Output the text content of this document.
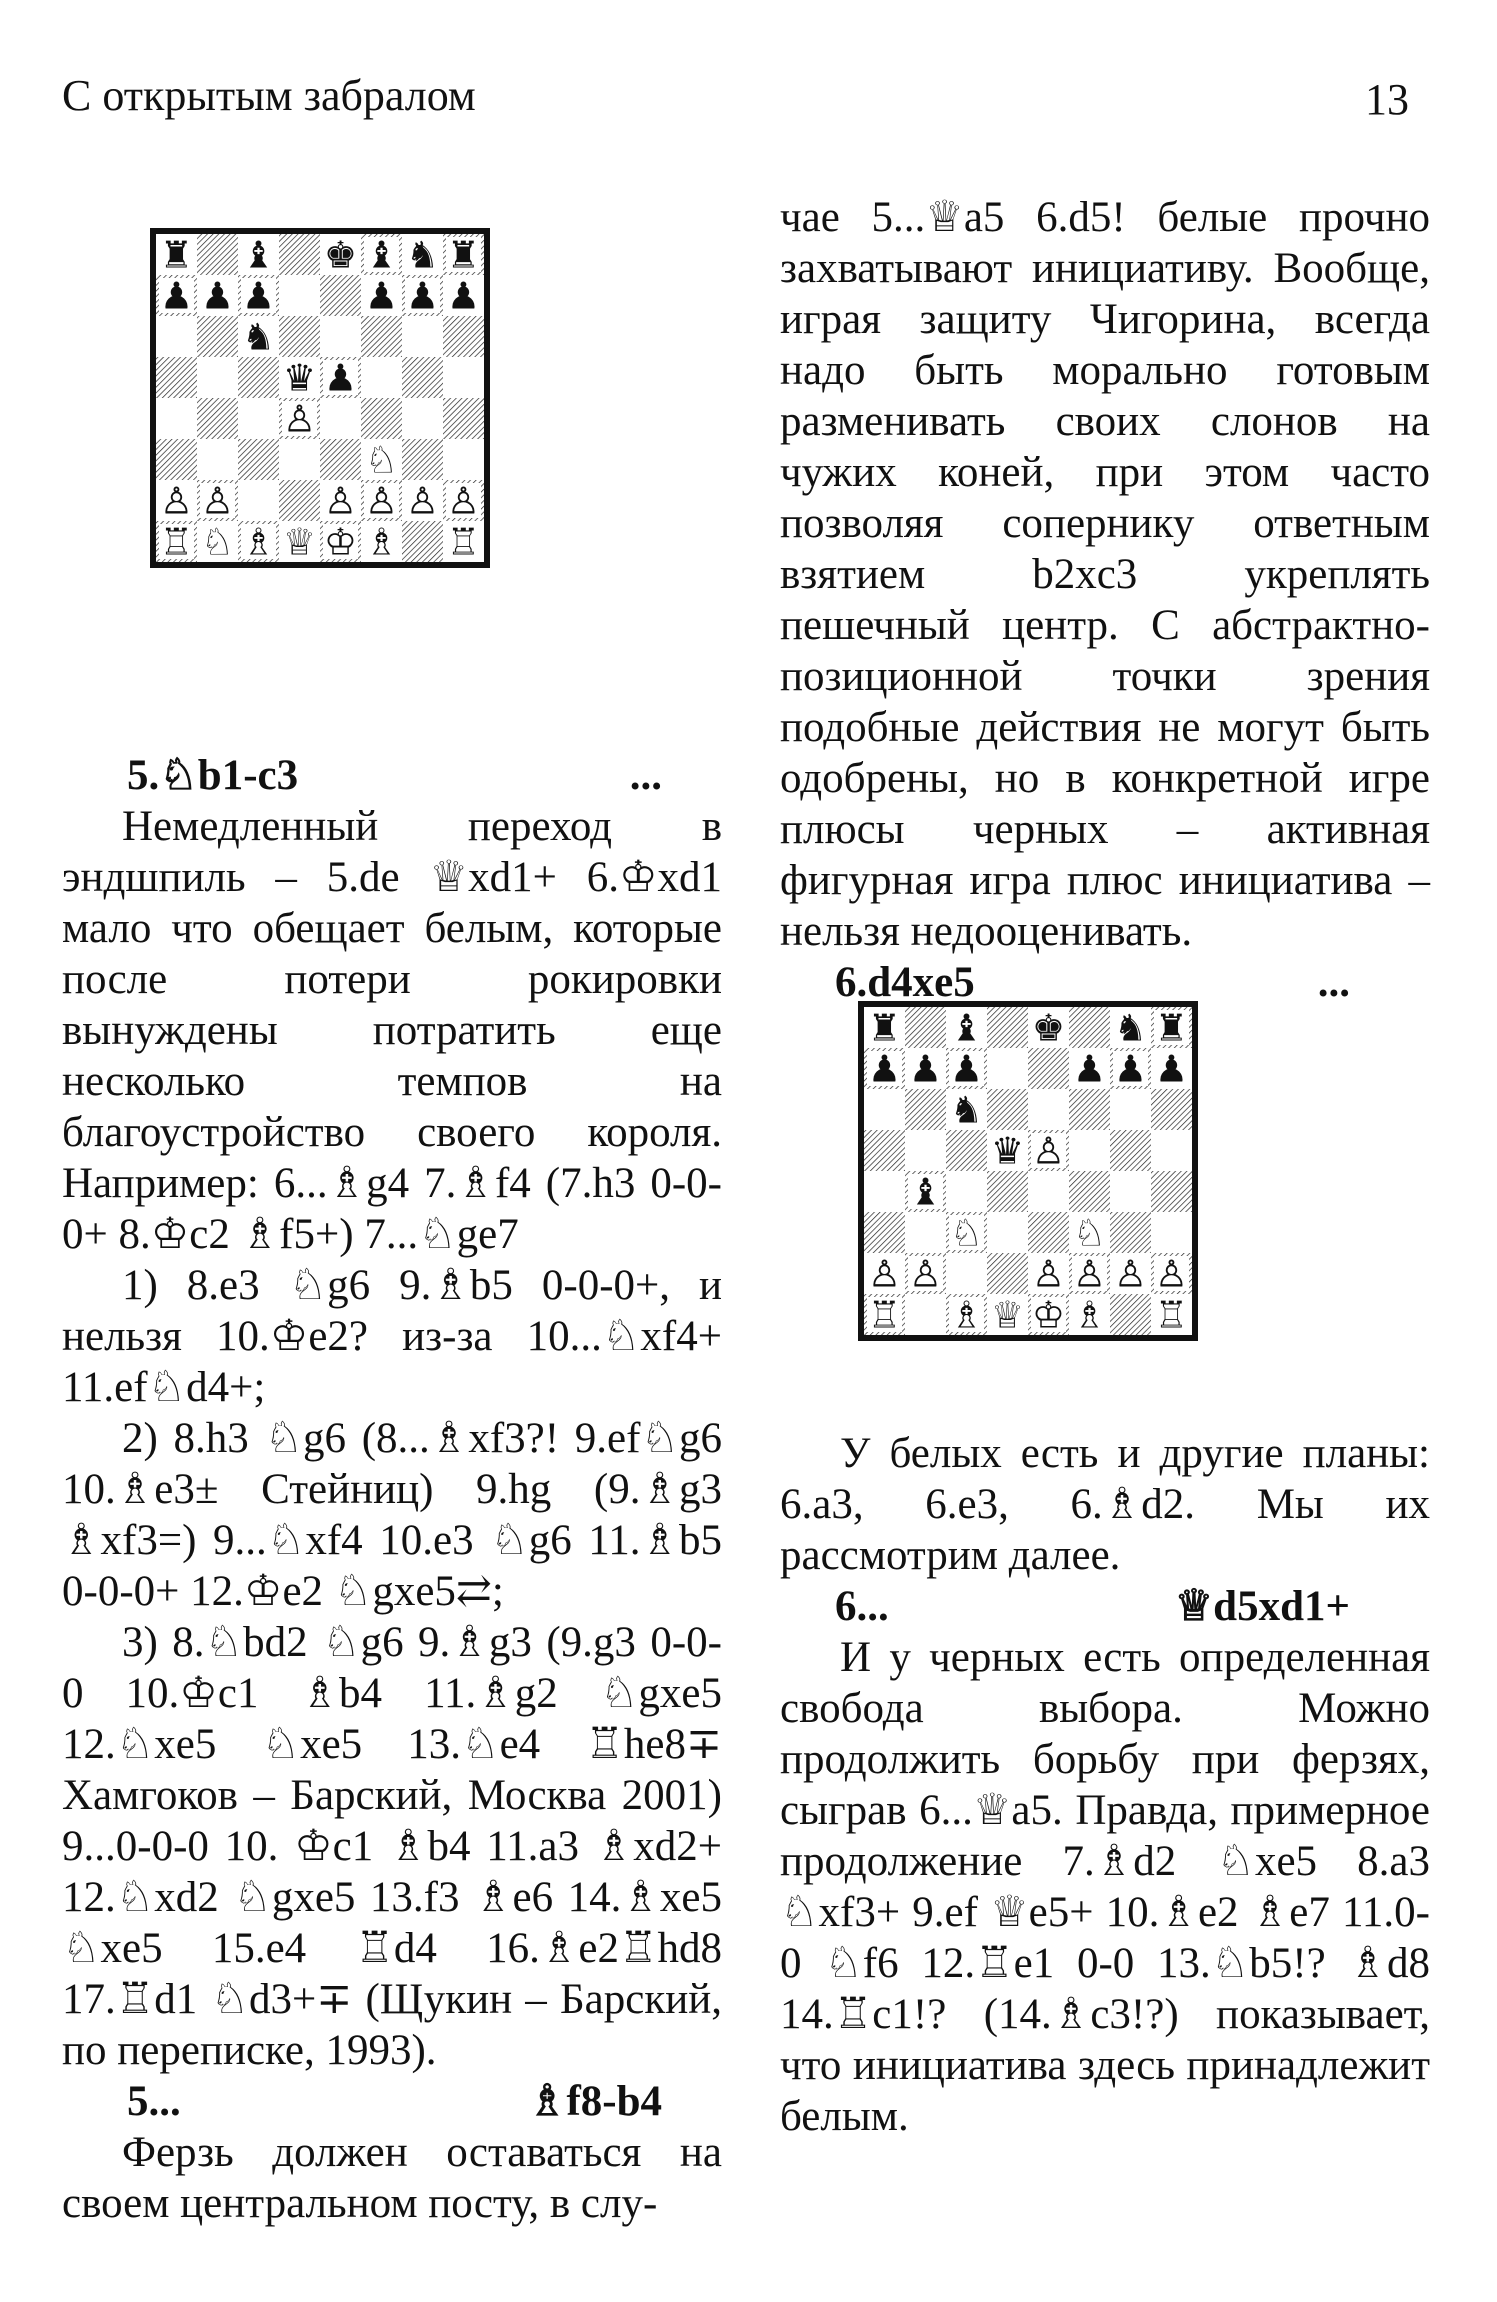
С открытым забралом	13
♜ ♝ ♚ ♝ ♞ ♜
♟ ♟ ♟ ♟ ♟ ♟
♞
♛ ♟
♙
♘
♙ ♙ ♙ ♙ ♙ ♙
♖ ♘ ♗ ♕ ♔ ♗ ♖
♜ ♝ ♚ ♞ ♜
♟ ♟ ♟ ♟ ♟ ♟
♞
♛ ♙
♝
♘ ♘
♙ ♙ ♙ ♙ ♙ ♙
♖ ♗ ♕ ♔ ♗ ♖
5.♘b1-c3	...

Немедленный переход в эндшпиль – 5.de ♕xd1+ 6.♔xd1 мало что обещает белым, которые после потери рокировки вынуждены потратить еще несколько темпов на благоустройство своего короля. Например: 6...♗g4 7.♗f4 (7.h3 0-0-0+ 8.♔c2 ♗f5+) 7...♘ge7

1) 8.e3 ♘g6 9.♗b5 0-0-0+, и нельзя 10.♔e2? из-за 10...♘xf4+ 11.ef♘d4+;

2) 8.h3 ♘g6 (8...♗xf3?! 9.ef♘g6 10.♗e3± Стейниц) 9.hg (9.♗g3 ♗xf3=) 9...♘xf4 10.e3 ♘g6 11.♗b5 0-0-0+ 12.♔e2 ♘gxe5⇄;

3) 8.♘bd2 ♘g6 9.♗g3 (9.g3 0-0-0 10.♔c1 ♗b4 11.♗g2 ♘gxe5 12.♘xe5 ♘xe5 13.♘e4 ♖he8∓ Хамгоков – Барский, Москва 2001) 9...0-0-0 10. ♔c1 ♗b4 11.a3 ♗xd2+ 12.♘xd2 ♘gxe5 13.f3 ♗e6 14.♗xe5 ♘xe5 15.e4 ♖d4 16.♗e2♖hd8 17.♖d1 ♘d3+∓ (Щукин – Барский, по переписке, 1993).

5...	♗f8-b4

Ферзь должен оставаться на своем центральном посту, в слу-

чае 5...♕a5 6.d5! белые прочно захватывают инициативу. Вообще, играя защиту Чигорина, всегда надо быть морально готовым разменивать своих слонов на чужих коней, при этом часто позволяя сопернику ответным взятием b2xc3 укреплять пешечный центр. С абстрактно-позиционной точки зрения подобные действия не могут быть одобрены, но в конкретной игре плюсы черных – активная фигурная игра плюс инициатива – нельзя недооценивать.

6.d4xe5	...

У белых есть и другие планы: 6.a3, 6.e3, 6.♗d2. Мы их рассмотрим далее.

6...	♕d5xd1+

И у черных есть определенная свобода выбора. Можно продолжить борьбу при ферзях, сыграв 6...♕a5. Правда, примерное продолжение 7.♗d2 ♘xe5 8.a3 ♘xf3+ 9.ef ♕e5+ 10.♗e2 ♗e7 11.0-0 ♘f6 12.♖e1 0-0 13.♘b5!? ♗d8 14.♖c1!? (14.♗c3!?) показывает, что инициатива здесь принадлежит белым.
